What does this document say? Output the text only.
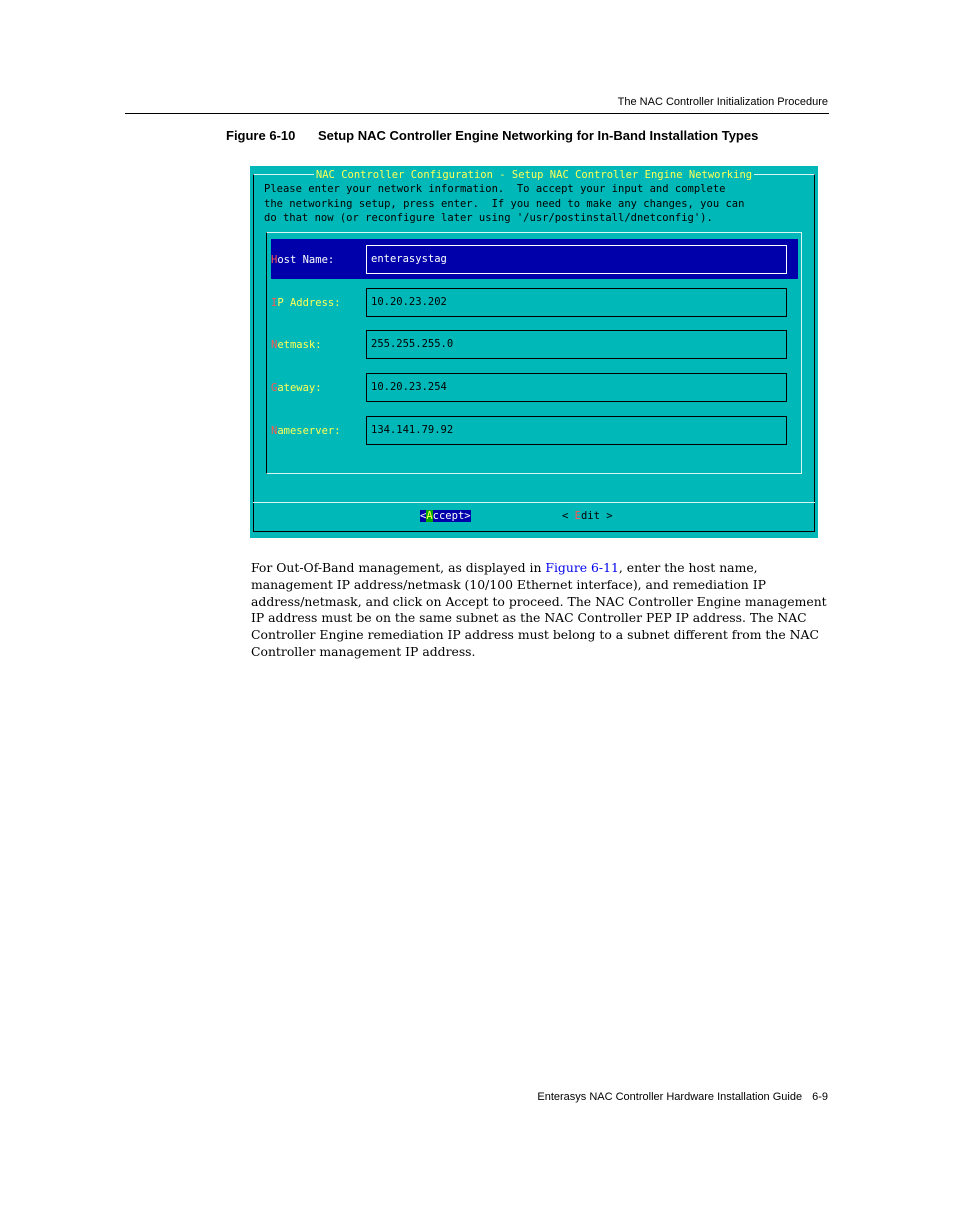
The NAC Controller Initialization Procedure
Figure 6-10 Setup NAC Controller Engine Networking for In-Band Installation Types
NAC Controller Configuration - Setup NAC Controller Engine Networking
Please enter your network information.  To accept your input and complete
the networking setup, press enter.  If you need to make any changes, you can
do that now (or reconfigure later using '/usr/postinstall/dnetconfig').
Host Name:	enterasystag
IP Address:	10.20.23.202
Netmask:	255.255.255.0
Gateway:	10.20.23.254
Nameserver:	134.141.79.92
<Accept>	< Edit >

For Out-Of-Band management, as displayed in Figure 6-11, enter the host name, management IP address/netmask (10/100 Ethernet interface), and remediation IP address/netmask, and click on Accept to proceed. The NAC Controller Engine management IP address must be on the same subnet as the NAC Controller PEP IP address. The NAC Controller Engine remediation IP address must belong to a subnet different from the NAC Controller management IP address.

Enterasys NAC Controller Hardware Installation Guide 6-9
